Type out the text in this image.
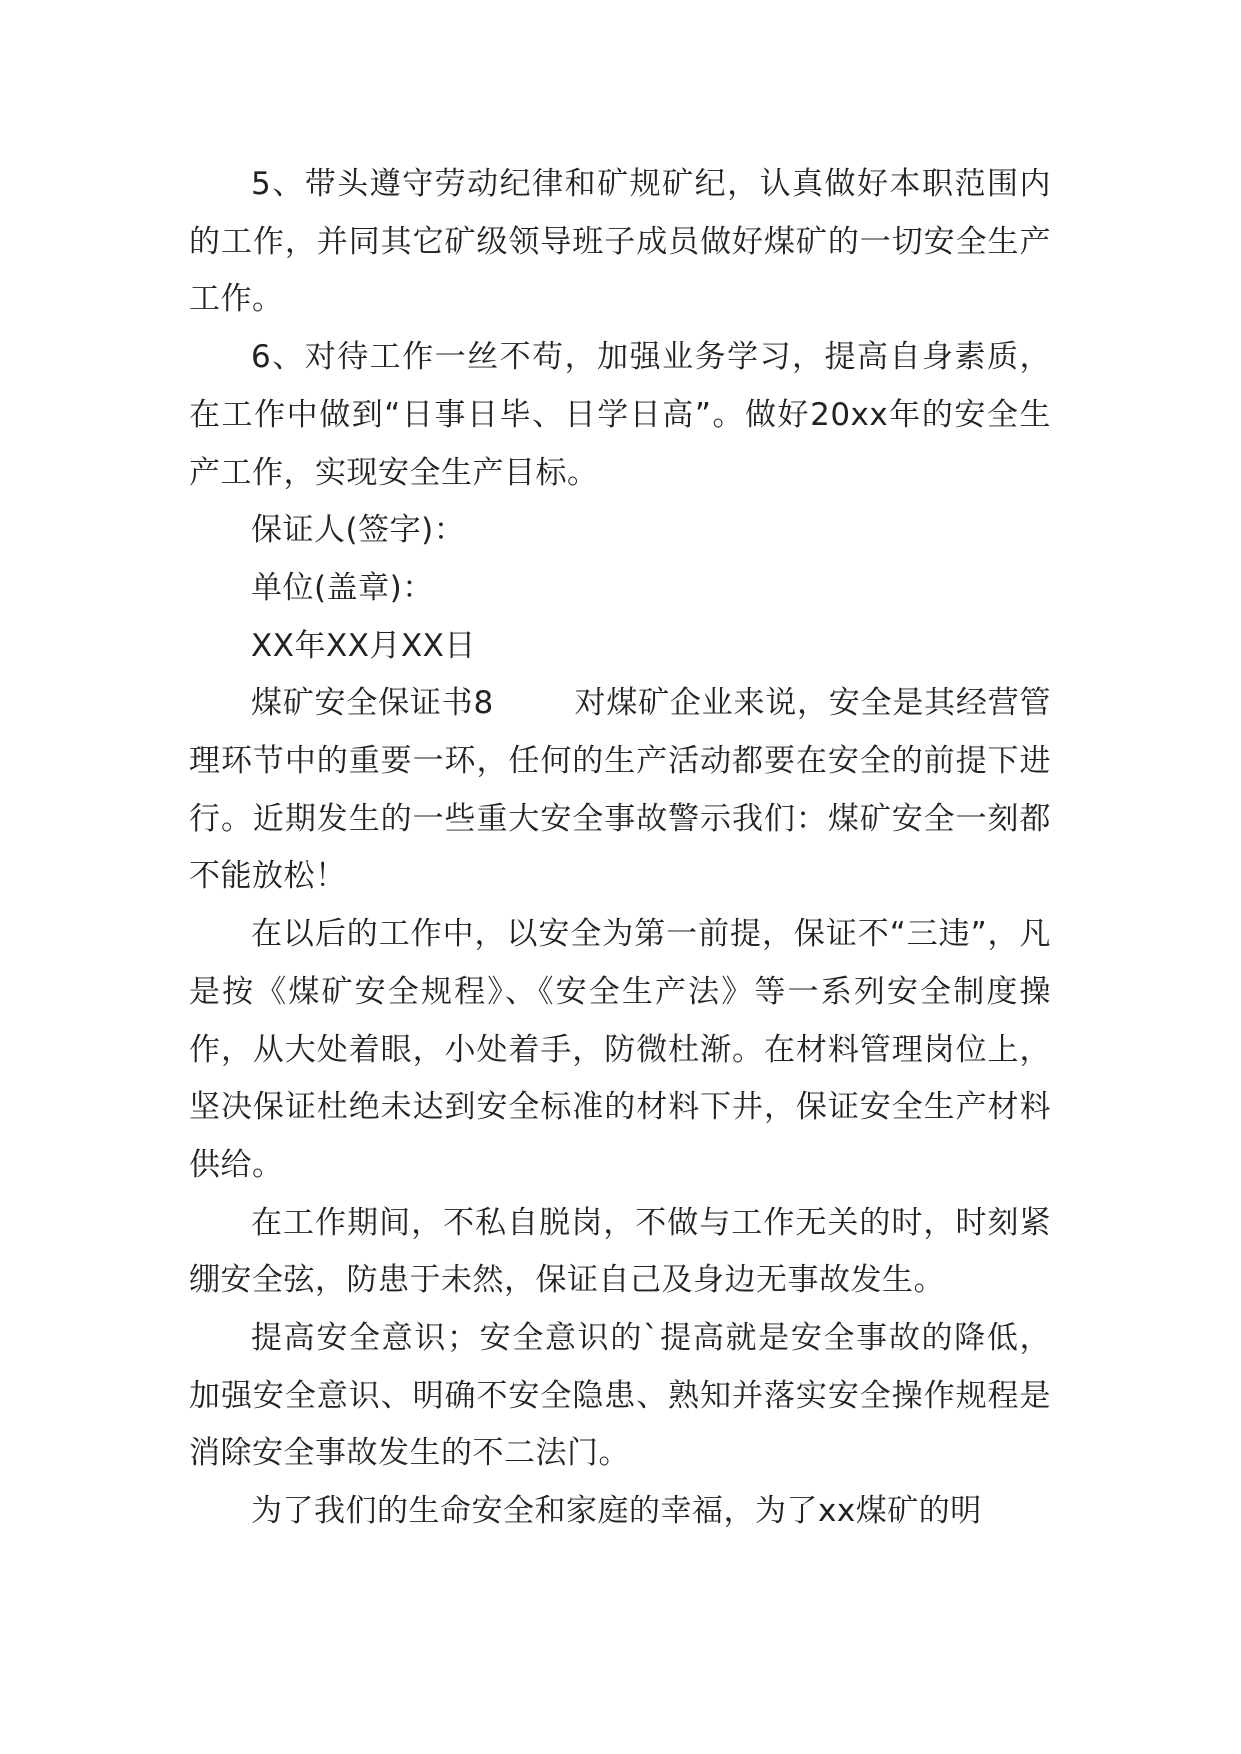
5、带头遵守劳动纪律和矿规矿纪，认真做好本职范围内的工作，并同其它矿级领导班子成员做好煤矿的一切安全生产工作。

6、对待工作一丝不苟，加强业务学习，提高自身素质，在工作中做到“日事日毕、日学日高”。做好20xx年的安全生产工作，实现安全生产目标。

保证人(签字)：

单位(盖章)：

XX年XX月XX日

煤矿安全保证书8	对煤矿企业来说，安全是其经营管理环节中的重要一环，任何的生产活动都要在安全的前提下进行。近期发生的一些重大安全事故警示我们：煤矿安全一刻都不能放松！

在以后的工作中，以安全为第一前提，保证不“三违”，凡是按《煤矿安全规程》、《安全生产法》等一系列安全制度操作，从大处着眼，小处着手，防微杜渐。在材料管理岗位上，坚决保证杜绝未达到安全标准的材料下井，保证安全生产材料供给。

在工作期间，不私自脱岗，不做与工作无关的时，时刻紧绷安全弦，防患于未然，保证自己及身边无事故发生。

提高安全意识；安全意识的`提高就是安全事故的降低，加强安全意识、明确不安全隐患、熟知并落实安全操作规程是消除安全事故发生的不二法门。

为了我们的生命安全和家庭的幸福，为了xx煤矿的明
